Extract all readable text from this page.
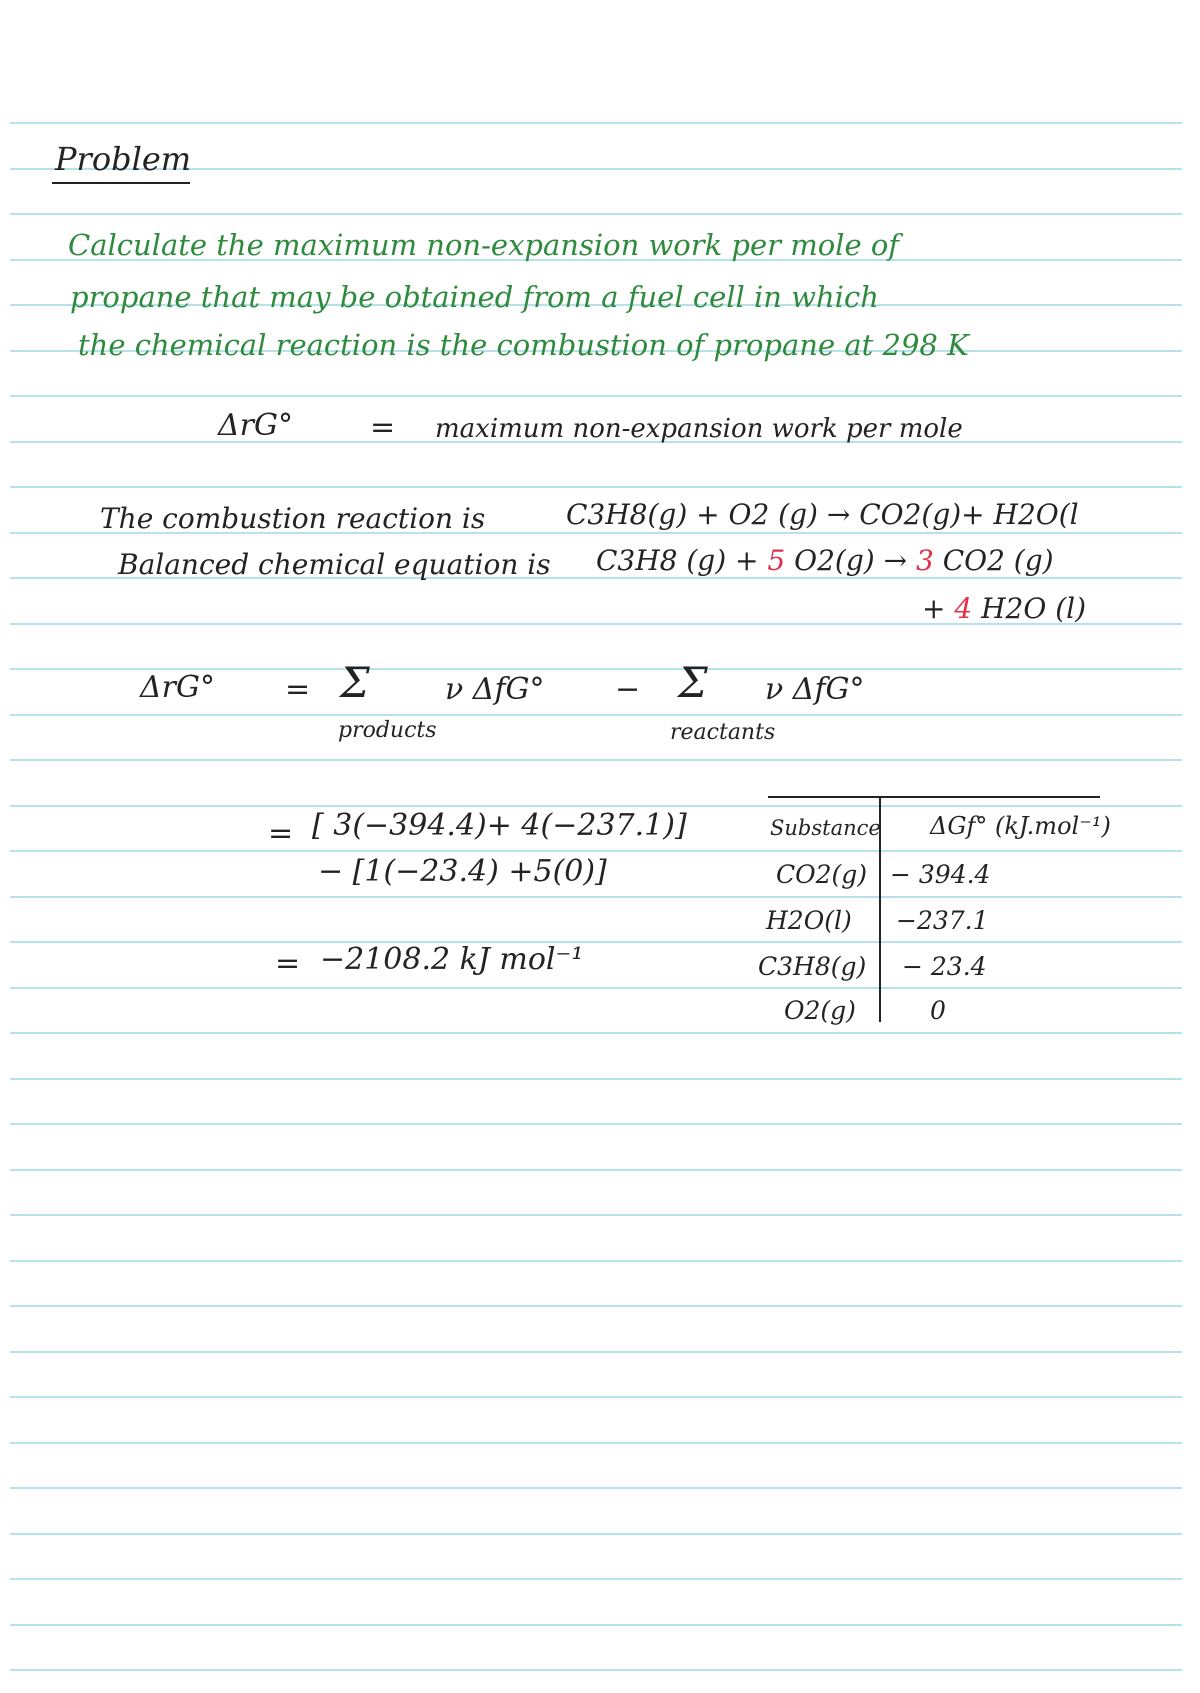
Problem
Calculate the maximum non-expansion work per mole of
propane that may be obtained from a fuel cell in which
the chemical reaction is the combustion of propane at 298 K
ΔrG°	= maximum non-expansion work per mole
The combustion reaction is	C3H8(g) + O2 (g) → CO2(g)+ H2O(l
Balanced chemical equation is C3H8 (g) + 5 O2(g) → 3 CO2 (g)
+ 4 H2O (l)
ΔrG° = Σ	ν ΔfG° − Σ ν ΔfG°
products	reactants
= [ 3(−394.4)+ 4(−237.1)]
− [1(−23.4) +5(0)]
= −2108.2 kJ mol⁻¹
Substance ΔGf° (kJ.mol⁻¹)
CO2(g) − 394.4
H2O(l) −237.1
C3H8(g) − 23.4
O2(g)	0
